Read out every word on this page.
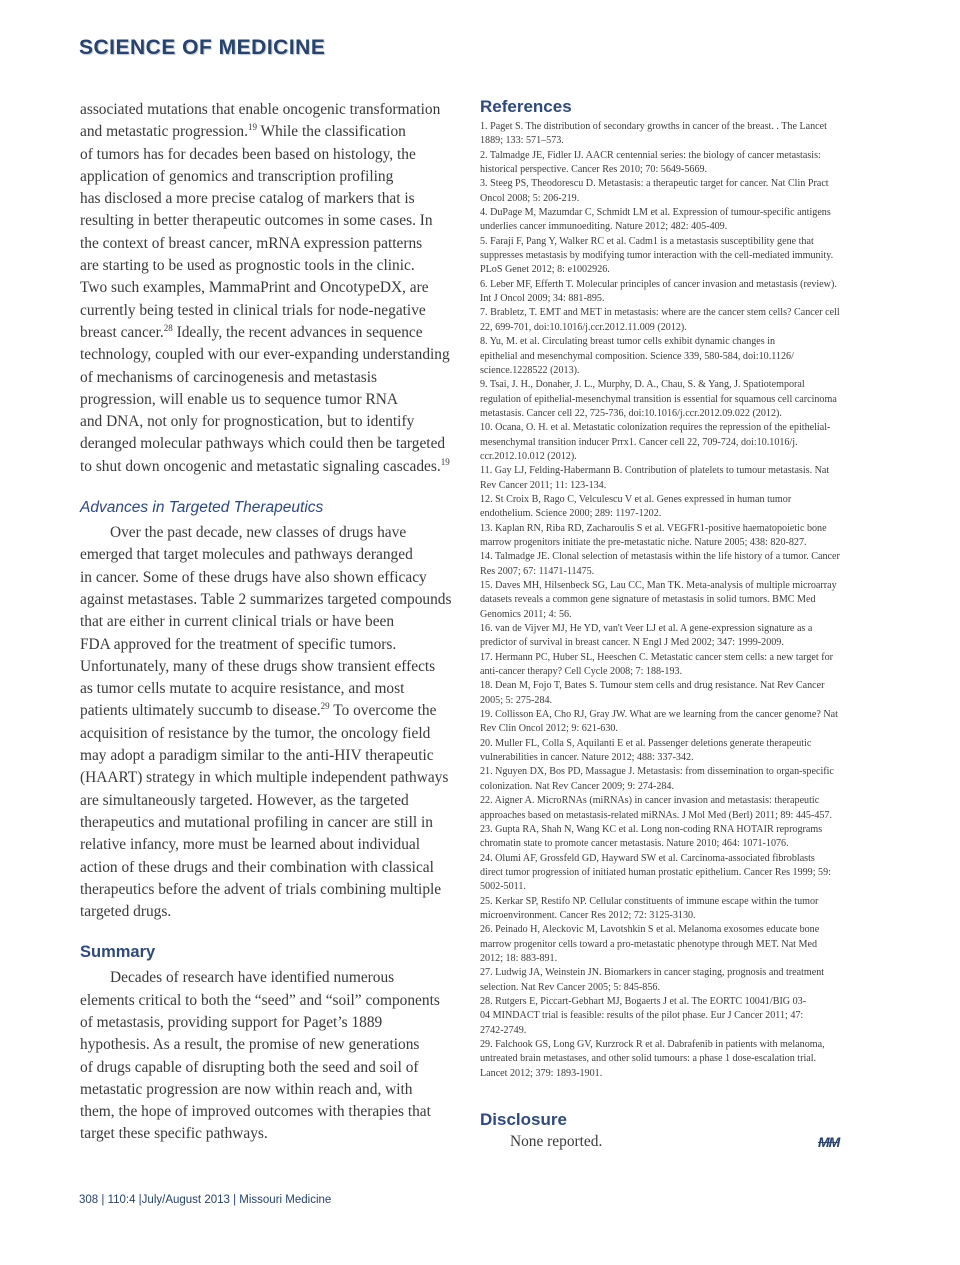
SCIENCE OF MEDICINE

associated mutations that enable oncogenic transformation
and metastatic progression.$^{19}$ While the classification
of tumors has for decades been based on histology, the
application of genomics and transcription profiling
has disclosed a more precise catalog of markers that is
resulting in better therapeutic outcomes in some cases. In
the context of breast cancer, mRNA expression patterns
are starting to be used as prognostic tools in the clinic.
Two such examples, MammaPrint and OncotypeDX, are
currently being tested in clinical trials for node-negative
breast cancer.$^{28}$ Ideally, the recent advances in sequence
technology, coupled with our ever-expanding understanding
of mechanisms of carcinogenesis and metastasis
progression, will enable us to sequence tumor RNA
and DNA, not only for prognostication, but to identify
deranged molecular pathways which could then be targeted
to shut down oncogenic and metastatic signaling cascades.$^{19}$

Advances in Targeted Therapeutics

Over the past decade, new classes of drugs have
emerged that target molecules and pathways deranged
in cancer. Some of these drugs have also shown efficacy
against metastases. Table 2 summarizes targeted compounds
that are either in current clinical trials or have been
FDA approved for the treatment of specific tumors.
Unfortunately, many of these drugs show transient effects
as tumor cells mutate to acquire resistance, and most
patients ultimately succumb to disease.$^{29}$ To overcome the
acquisition of resistance by the tumor, the oncology field
may adopt a paradigm similar to the anti-HIV therapeutic
(HAART) strategy in which multiple independent pathways
are simultaneously targeted. However, as the targeted
therapeutics and mutational profiling in cancer are still in
relative infancy, more must be learned about individual
action of these drugs and their combination with classical
therapeutics before the advent of trials combining multiple
targeted drugs.

Summary

Decades of research have identified numerous
elements critical to both the “seed” and “soil” components
of metastasis, providing support for Paget’s 1889
hypothesis. As a result, the promise of new generations
of drugs capable of disrupting both the seed and soil of
metastatic progression are now within reach and, with
them, the hope of improved outcomes with therapies that
target these specific pathways.

References
1. Paget S. The distribution of secondary growths in cancer of the breast. . The Lancet
1889; 133: 571–573.
2. Talmadge JE, Fidler IJ. AACR centennial series: the biology of cancer metastasis:
historical perspective. Cancer Res 2010; 70: 5649-5669.
3. Steeg PS, Theodorescu D. Metastasis: a therapeutic target for cancer. Nat Clin Pract
Oncol 2008; 5: 206-219.
4. DuPage M, Mazumdar C, Schmidt LM et al. Expression of tumour-specific antigens
underlies cancer immunoediting. Nature 2012; 482: 405-409.
5. Faraji F, Pang Y, Walker RC et al. Cadm1 is a metastasis susceptibility gene that
suppresses metastasis by modifying tumor interaction with the cell-mediated immunity.
PLoS Genet 2012; 8: e1002926.
6. Leber MF, Efferth T. Molecular principles of cancer invasion and metastasis (review).
Int J Oncol 2009; 34: 881-895.
7. Brabletz, T. EMT and MET in metastasis: where are the cancer stem cells? Cancer cell
22, 699-701, doi:10.1016/j.ccr.2012.11.009 (2012).
8. Yu, M. et al. Circulating breast tumor cells exhibit dynamic changes in
epithelial and mesenchymal composition. Science 339, 580-584, doi:10.1126/
science.1228522 (2013).
9. Tsai, J. H., Donaher, J. L., Murphy, D. A., Chau, S. & Yang, J. Spatiotemporal
regulation of epithelial-mesenchymal transition is essential for squamous cell carcinoma
metastasis. Cancer cell 22, 725-736, doi:10.1016/j.ccr.2012.09.022 (2012).
10. Ocana, O. H. et al. Metastatic colonization requires the repression of the epithelial-
mesenchymal transition inducer Prrx1. Cancer cell 22, 709-724, doi:10.1016/j.
ccr.2012.10.012 (2012).
11. Gay LJ, Felding-Habermann B. Contribution of platelets to tumour metastasis. Nat
Rev Cancer 2011; 11: 123-134.
12. St Croix B, Rago C, Velculescu V et al. Genes expressed in human tumor
endothelium. Science 2000; 289: 1197-1202.
13. Kaplan RN, Riba RD, Zacharoulis S et al. VEGFR1-positive haematopoietic bone
marrow progenitors initiate the pre-metastatic niche. Nature 2005; 438: 820-827.
14. Talmadge JE. Clonal selection of metastasis within the life history of a tumor. Cancer
Res 2007; 67: 11471-11475.
15. Daves MH, Hilsenbeck SG, Lau CC, Man TK. Meta-analysis of multiple microarray
datasets reveals a common gene signature of metastasis in solid tumors. BMC Med
Genomics 2011; 4: 56.
16. van de Vijver MJ, He YD, van't Veer LJ et al. A gene-expression signature as a
predictor of survival in breast cancer. N Engl J Med 2002; 347: 1999-2009.
17. Hermann PC, Huber SL, Heeschen C. Metastatic cancer stem cells: a new target for
anti-cancer therapy? Cell Cycle 2008; 7: 188-193.
18. Dean M, Fojo T, Bates S. Tumour stem cells and drug resistance. Nat Rev Cancer
2005; 5: 275-284.
19. Collisson EA, Cho RJ, Gray JW. What are we learning from the cancer genome? Nat
Rev Clin Oncol 2012; 9: 621-630.
20. Muller FL, Colla S, Aquilanti E et al. Passenger deletions generate therapeutic
vulnerabilities in cancer. Nature 2012; 488: 337-342.
21. Nguyen DX, Bos PD, Massague J. Metastasis: from dissemination to organ-specific
colonization. Nat Rev Cancer 2009; 9: 274-284.
22. Aigner A. MicroRNAs (miRNAs) in cancer invasion and metastasis: therapeutic
approaches based on metastasis-related miRNAs. J Mol Med (Berl) 2011; 89: 445-457.
23. Gupta RA, Shah N, Wang KC et al. Long non-coding RNA HOTAIR reprograms
chromatin state to promote cancer metastasis. Nature 2010; 464: 1071-1076.
24. Olumi AF, Grossfeld GD, Hayward SW et al. Carcinoma-associated fibroblasts
direct tumor progression of initiated human prostatic epithelium. Cancer Res 1999; 59:
5002-5011.
25. Kerkar SP, Restifo NP. Cellular constituents of immune escape within the tumor
microenvironment. Cancer Res 2012; 72: 3125-3130.
26. Peinado H, Aleckovic M, Lavotshkin S et al. Melanoma exosomes educate bone
marrow progenitor cells toward a pro-metastatic phenotype through MET. Nat Med
2012; 18: 883-891.
27. Ludwig JA, Weinstein JN. Biomarkers in cancer staging, prognosis and treatment
selection. Nat Rev Cancer 2005; 5: 845-856.
28. Rutgers E, Piccart-Gebhart MJ, Bogaerts J et al. The EORTC 10041/BIG 03-
04 MINDACT trial is feasible: results of the pilot phase. Eur J Cancer 2011; 47:
2742-2749.
29. Falchook GS, Long GV, Kurzrock R et al. Dabrafenib in patients with melanoma,
untreated brain metastases, and other solid tumours: a phase 1 dose-escalation trial.
Lancet 2012; 379: 1893-1901.
Disclosure
None reported.	MM
308 | 110:4 |July/August 2013 | Missouri Medicine
